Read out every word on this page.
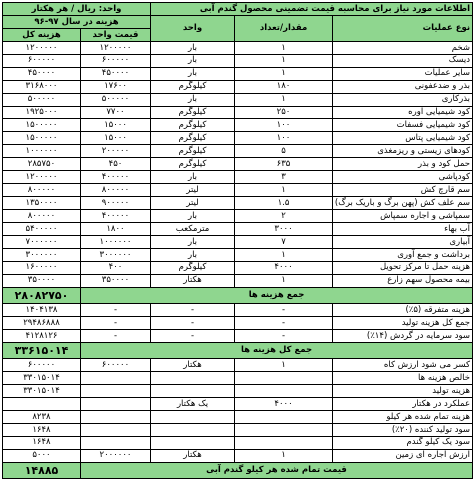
اطلاعات مورد نیاز برای محاسبه قیمت تضمینی محصول گندم آبی			واحد: ریال / هر هکتار	
نوع عملیات	مقدار/تعداد	واحد	هزینه در سال ۹۷-۹۶	
			قیمت واحد	هزینه کل
شخم	۱	بار	۱۲۰۰۰۰۰	۱۲۰۰۰۰۰
دیسک	۱	بار	۶۰۰۰۰۰	۶۰۰۰۰۰
سایر عملیات	۱	بار	۴۵۰۰۰۰	۴۵۰۰۰۰
بذر و ضدعفونی	۱۸۰	کیلوگرم	۱۷۶۰۰	۳۱۶۸۰۰۰
بذرکاری	۱	بار	۵۰۰۰۰۰	۵۰۰۰۰۰
کود شیمیایی اوره	۲۵۰	کیلوگرم	۷۷۰۰	۱۹۲۵۰۰۰
کود شیمیایی فسفات	۱۰۰	کیلوگرم	۱۵۰۰۰	۱۵۰۰۰۰۰
کود شیمیایی پتاس	۱۰۰	کیلوگرم	۱۵۰۰۰	۱۵۰۰۰۰۰
کودهای زیستی و ریزمغذی	۵	کیلوگرم	۲۰۰۰۰۰	۱۰۰۰۰۰۰
حمل کود و بذر	۶۳۵	کیلوگرم	۴۵۰	۲۸۵۷۵۰
کودپاشی	۳	بار	۴۰۰۰۰۰	۱۲۰۰۰۰۰
سم قارچ کش	۱	لیتر	۸۰۰۰۰۰	۸۰۰۰۰۰
سم علف کش (پهن برگ و باریک برگ)	۱.۵	لیتر	۹۰۰۰۰۰	۱۳۵۰۰۰۰
سمپاشی و اجاره سمپاش	۲	بار	۴۰۰۰۰۰	۸۰۰۰۰۰
آب بهاء	۳۰۰۰	مترمکعب	۱۸۰۰	۵۴۰۰۰۰۰
آبیاری	۷	بار	۱۰۰۰۰۰۰	۷۰۰۰۰۰۰
برداشت و جمع آوری	۱	بار	۳۰۰۰۰۰۰	۳۰۰۰۰۰۰
هزینه حمل تا مرکز تحویل	۴۰۰۰	کیلوگرم	۴۰۰	۱۶۰۰۰۰۰
بیمه محصول سهم زارع	۱	هکتار	۳۵۰۰۰۰	۳۵۰۰۰۰
جمع هزینه ها				۲۸۰۸۲۷۵۰
هزینه متفرقه (۵٪)	-	-	-	۱۴۰۴۱۳۸
جمع کل هزینه تولید	-	-	-	۲۹۴۸۶۸۸۸
سود سرمایه در گردش (۱۴٪)	-	-	-	۴۱۲۸۱۲۶
جمع کل هزینه ها				۳۳۶۱۵۰۱۴
کسر می شود ارزش کاه	۱	هکتار	۶۰۰۰۰۰	۶۰۰۰۰۰
خالص هزینه ها				۳۳۰۱۵۰۱۴
هزینه تولید				۳۳۰۱۵۰۱۴
عملکرد در هکتار	۴۰۰۰	یک هکتار		
هزینه تمام شده هر کیلو				۸۲۳۸
سود تولید کننده (۲۰٪)				۱۶۴۸
سود یک کیلو گندم				۱۶۴۸
ارزش اجاره ای زمین	۱	هکتار	۲۰۰۰۰۰۰	۵۰۰۰
قیمت تمام شده هر کیلو گندم آبی				۱۴۸۸۵
